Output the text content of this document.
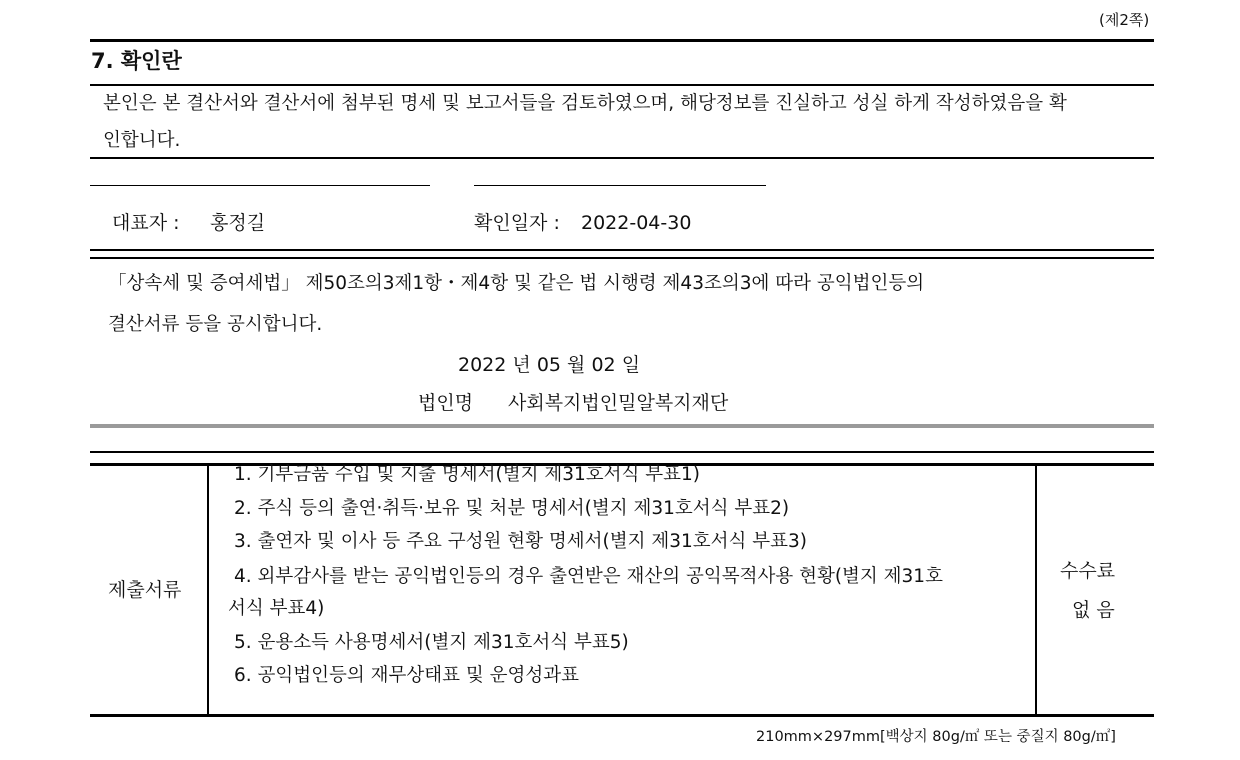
(제2쪽)
7. 확인란
본인은 본 결산서와 결산서에 첨부된 명세 및 보고서들을 검토하였으며, 해당정보를 진실하고 성실 하게 작성하였음을 확
인합니다.
대표자 : 홍정길	확인일자 : 2022-04-30
「상속세 및 증여세법」 제50조의3제1항・제4항 및 같은 법 시행령 제43조의3에 따라 공익법인등의
결산서류 등을 공시합니다.
2022 년 05 월 02 일
법인명 사회복지법인밀알복지재단
제출서류
1. 기부금품 수입 및 지출 명세서(별지 제31호서식 부표1)
2. 주식 등의 출연·취득·보유 및 처분 명세서(별지 제31호서식 부표2)
3. 출연자 및 이사 등 주요 구성원 현황 명세서(별지 제31호서식 부표3)
4. 외부감사를 받는 공익법인등의 경우 출연받은 재산의 공익목적사용 현황(별지 제31호
서식 부표4)
5. 운용소득 사용명세서(별지 제31호서식 부표5)
6. 공익법인등의 재무상태표 및 운영성과표
수수료
없 음
210mm×297mm[백상지 80g/㎡ 또는 중질지 80g/㎡]
